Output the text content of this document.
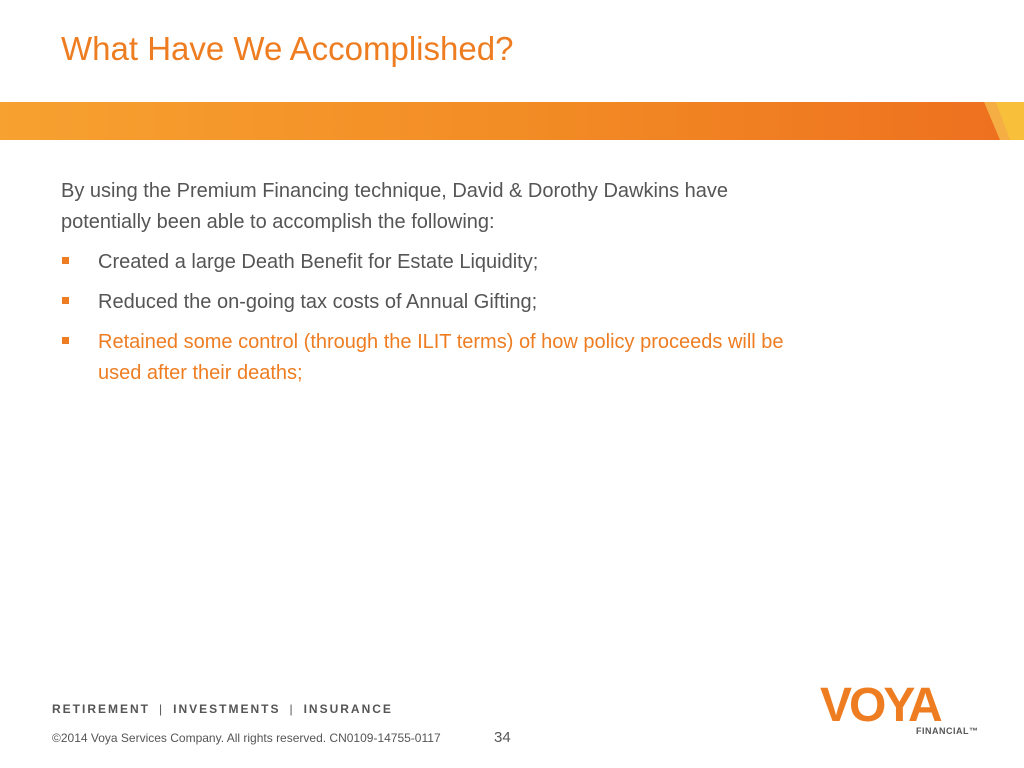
What Have We Accomplished?

By using the Premium Financing technique, David & Dorothy Dawkins have potentially been able to accomplish the following:

Created a large Death Benefit for Estate Liquidity;
Reduced the on-going tax costs of Annual Gifting;
Retained some control (through the ILIT terms) of how policy proceeds will be used after their deaths;
RETIREMENT | INVESTMENTS | INSURANCE
©2014 Voya Services Company. All rights reserved. CN0109-14755-0117	34
VOYA
FINANCIAL™
